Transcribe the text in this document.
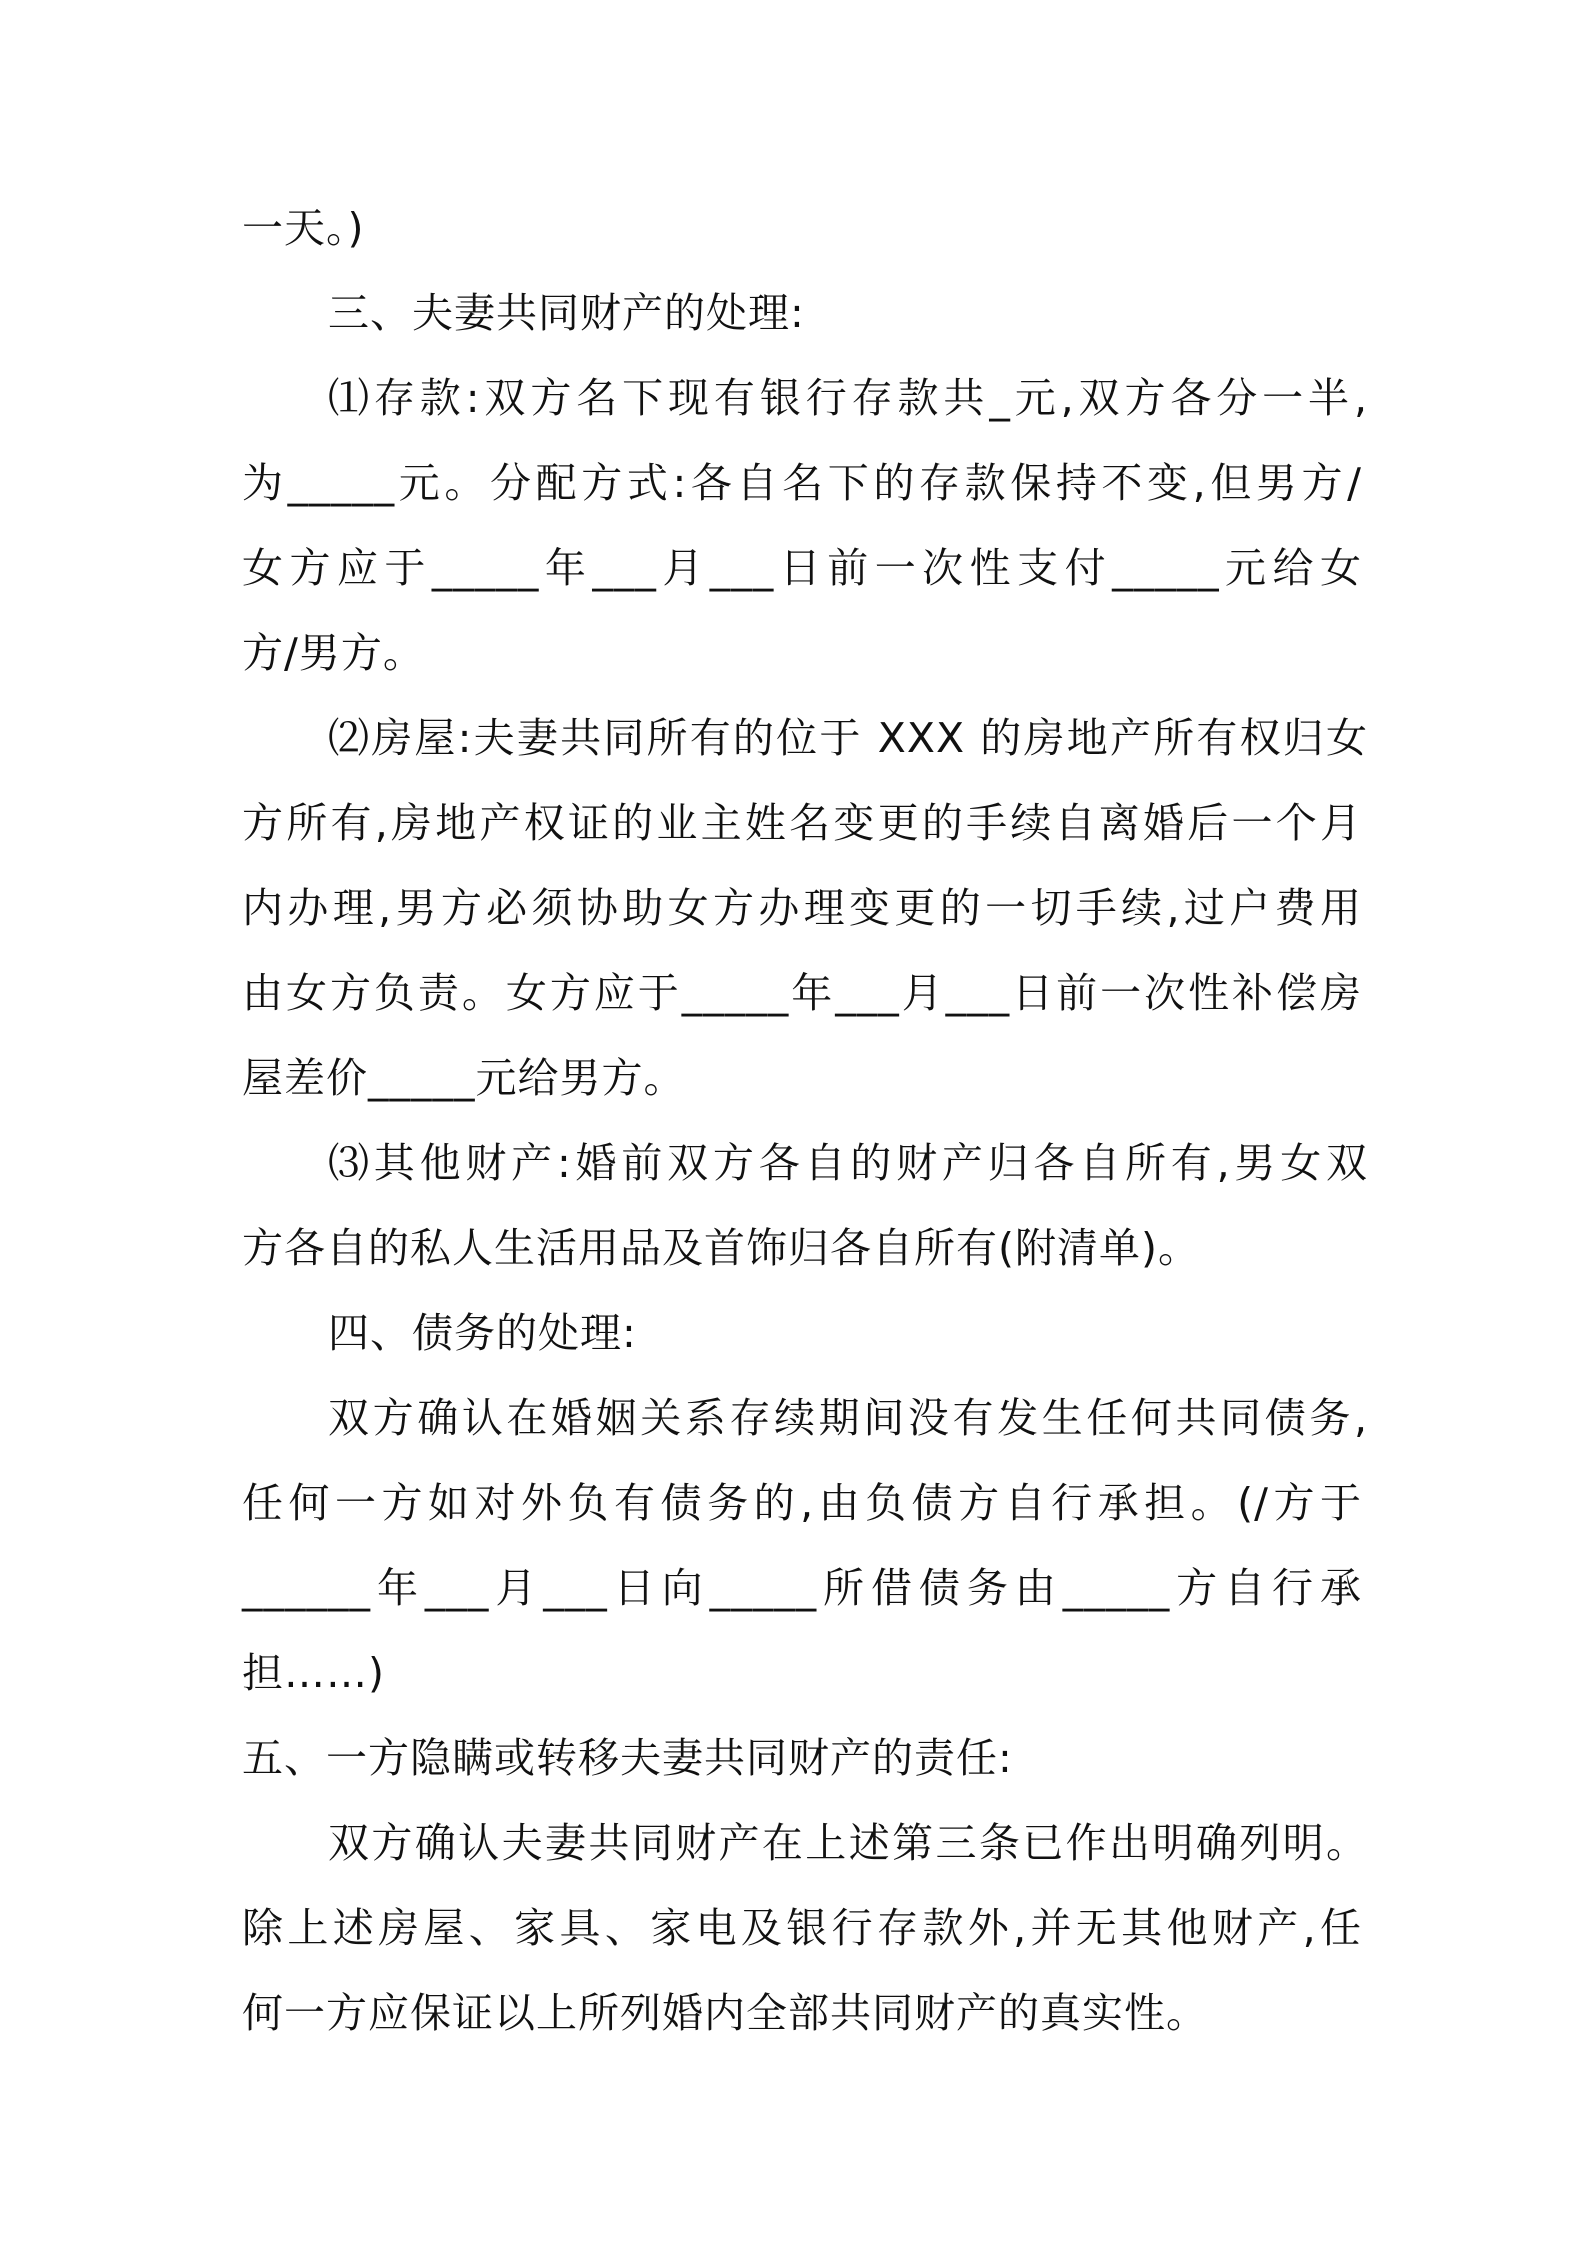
一天。)
三、夫妻共同财产的处理:
⑴存款:双方名下现有银行存款共_元,双方各分一半,
为_____元。分配方式:各自名下的存款保持不变,但男方/
女方应于_____年___月___日前一次性支付_____元给女
方/男方。
⑵房屋:夫妻共同所有的位于 XXX 的房地产所有权归女
方所有,房地产权证的业主姓名变更的手续自离婚后一个月
内办理,男方必须协助女方办理变更的一切手续,过户费用
由女方负责。女方应于_____年___月___日前一次性补偿房
屋差价_____元给男方。
⑶其他财产:婚前双方各自的财产归各自所有,男女双
方各自的私人生活用品及首饰归各自所有(附清单)。
四、债务的处理:
双方确认在婚姻关系存续期间没有发生任何共同债务,
任何一方如对外负有债务的,由负债方自行承担。(/方于
______年___月___日向_____所借债务由_____方自行承
担……)
五、一方隐瞒或转移夫妻共同财产的责任:
双方确认夫妻共同财产在上述第三条已作出明确列明。
除上述房屋、家具、家电及银行存款外,并无其他财产,任
何一方应保证以上所列婚内全部共同财产的真实性。
